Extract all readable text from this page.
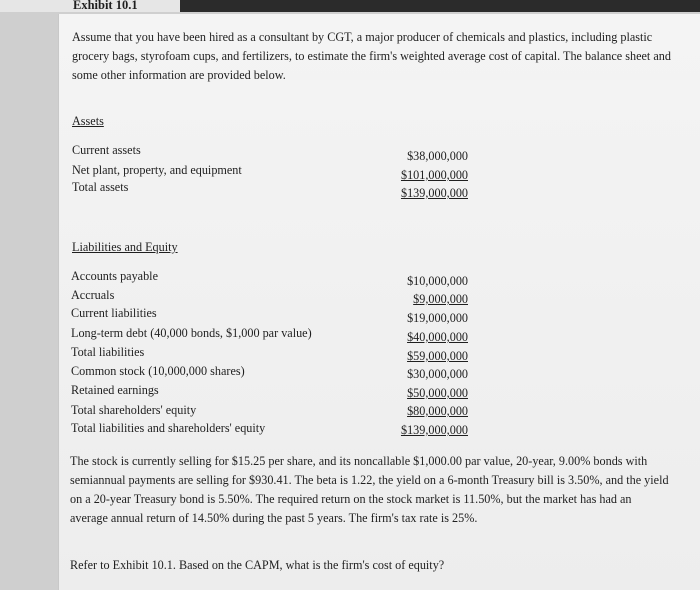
Exhibit 10.1

Assume that you have been hired as a consultant by CGT, a major producer of chemicals and plastics, including plastic grocery bags, styrofoam cups, and fertilizers, to estimate the firm's weighted average cost of capital. The balance sheet and some other information are provided below.

Assets
Current assets	$38,000,000
Net plant, property, and equipment	$101,000,000
Total assets	$139,000,000
Liabilities and Equity
Accounts payable	$10,000,000
Accruals	$9,000,000
Current liabilities	$19,000,000
Long-term debt (40,000 bonds, $1,000 par value)	$40,000,000
Total liabilities	$59,000,000
Common stock (10,000,000 shares)	$30,000,000
Retained earnings	$50,000,000
Total shareholders' equity	$80,000,000
Total liabilities and shareholders' equity	$139,000,000

The stock is currently selling for $15.25 per share, and its noncallable $1,000.00 par value, 20-year, 9.00% bonds with semiannual payments are selling for $930.41. The beta is 1.22, the yield on a 6-month Treasury bill is 3.50%, and the yield on a 20-year Treasury bond is 5.50%. The required return on the stock market is 11.50%, but the market has had an average annual return of 14.50% during the past 5 years. The firm's tax rate is 25%.

Refer to Exhibit 10.1. Based on the CAPM, what is the firm's cost of equity?
